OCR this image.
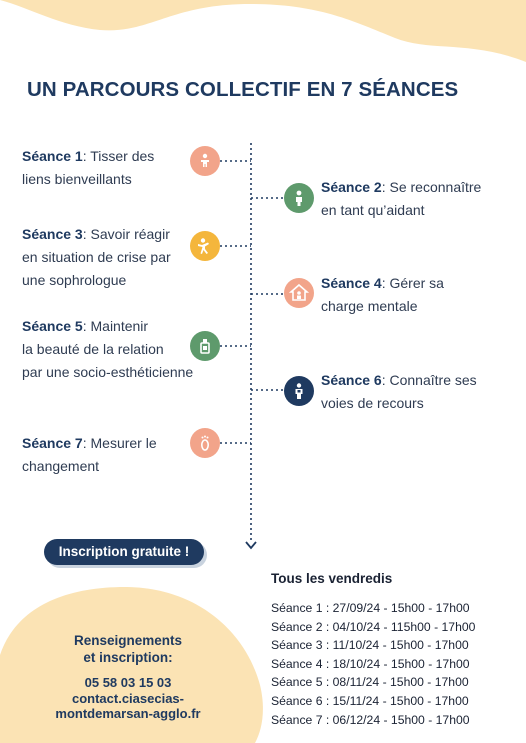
UN PARCOURS COLLECTIF EN 7 SÉANCES
Séance 1: Tisser des
liens bienveillants	Séance 2: Se reconnaître
en tant qu’aidant
Séance 3: Savoir réagir
en situation de crise par
une sophrologue	Séance 4: Gérer sa
charge mentale
Séance 5: Maintenir
la beauté de la relation
par une socio-esthéticienne	Séance 6: Connaître ses
voies de recours
Séance 7: Mesurer le
changement
Inscription gratuite !
Renseignements
et inscription:
05 58 03 15 03
contact.ciasecias-
montdemarsan-agglo.fr
Tous les vendredis
Séance 1 : 27/09/24 - 15h00 - 17h00
Séance 2 : 04/10/24 - 115h00 - 17h00
Séance 3 : 11/10/24 - 15h00 - 17h00
Séance 4 : 18/10/24 - 15h00 - 17h00
Séance 5 : 08/11/24 - 15h00 - 17h00
Séance 6 : 15/11/24 - 15h00 - 17h00
Séance 7 : 06/12/24 - 15h00 - 17h00
